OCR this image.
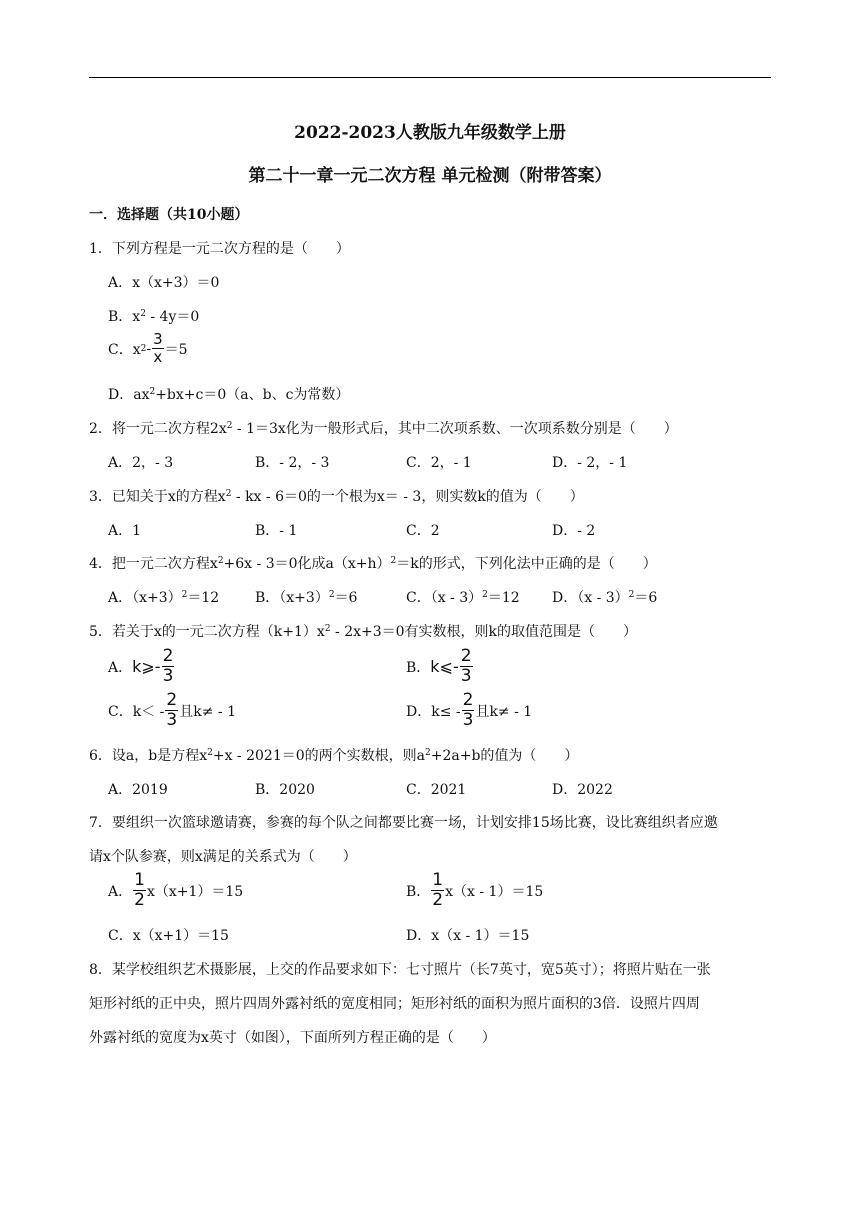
2022-2023人教版九年级数学上册
第二十一章一元二次方程 单元检测（附带答案）
一．选择题（共10小题）
1．下列方程是一元二次方程的是（　　）
A．x（x+3）＝0
B．$x^2 - 4y=0$
C．x $2 - \frac{3}{x} =5$
D．$ax^2+bx+c=0(a$、b、c为常数）
2．将一元二次方程$2x^2 - 1=3x$化为一般形式后，其中二次项系数、一次项系数分别是（　　）
A．2，- 3	B．- 2，- 3	C．2，- 1	D．- 2，- 1
3．已知关于x的方程$x^2$ - kx - 6＝0的一个根为x＝ - 3，则实数k的值为（　　）
A．1	B．- 1	C．2	D．- 2
4．把一元二次方程$x^2+6x - 3=0$化成$a(x+h)^2=k$的形式，下列化法中正确的是（　　）
A．$(x+3)^2=12$	B．$(x+3)^2=6$	C．（x - 3）$^2$＝12 D．（x - 3）$^2$＝6
5．若关于x的一元二次方程$(k+1)x^2 - 2x+3=0$有实数根，则k的取值范围是（　　）
A． k⩾- $\frac{2}{3}$	B． k⩽- $\frac{2}{3}$
C．$k< - \frac{2}{3}$ 且k≠ - 1	D．$k\le - \frac{2}{3}$ 且k≠ - 1
6．设a，b是方程$x^2+x - 2021=0$的两个实数根，则$a^2+2a+b$的值为（　　）
A．2019	B．2020	C．2021	D．2022
7．要组织一次篮球邀请赛，参赛的每个队之间都要比赛一场，计划安排15场比赛，设比赛组织者应邀
请x个队参赛，则x满足的关系式为（　　）
A． $\frac{1}{2} x(x+1)=15$	B． $\frac{1}{2} x(x - 1)=15$
C．x（x+1）＝15	D．x（x - 1）＝15
8．某学校组织艺术摄影展，上交的作品要求如下：七寸照片（长7英寸，宽5英寸）；将照片贴在一张
矩形衬纸的正中央，照片四周外露衬纸的宽度相同；矩形衬纸的面积为照片面积的3倍．设照片四周
外露衬纸的宽度为x英寸（如图），下面所列方程正确的是（　　）
